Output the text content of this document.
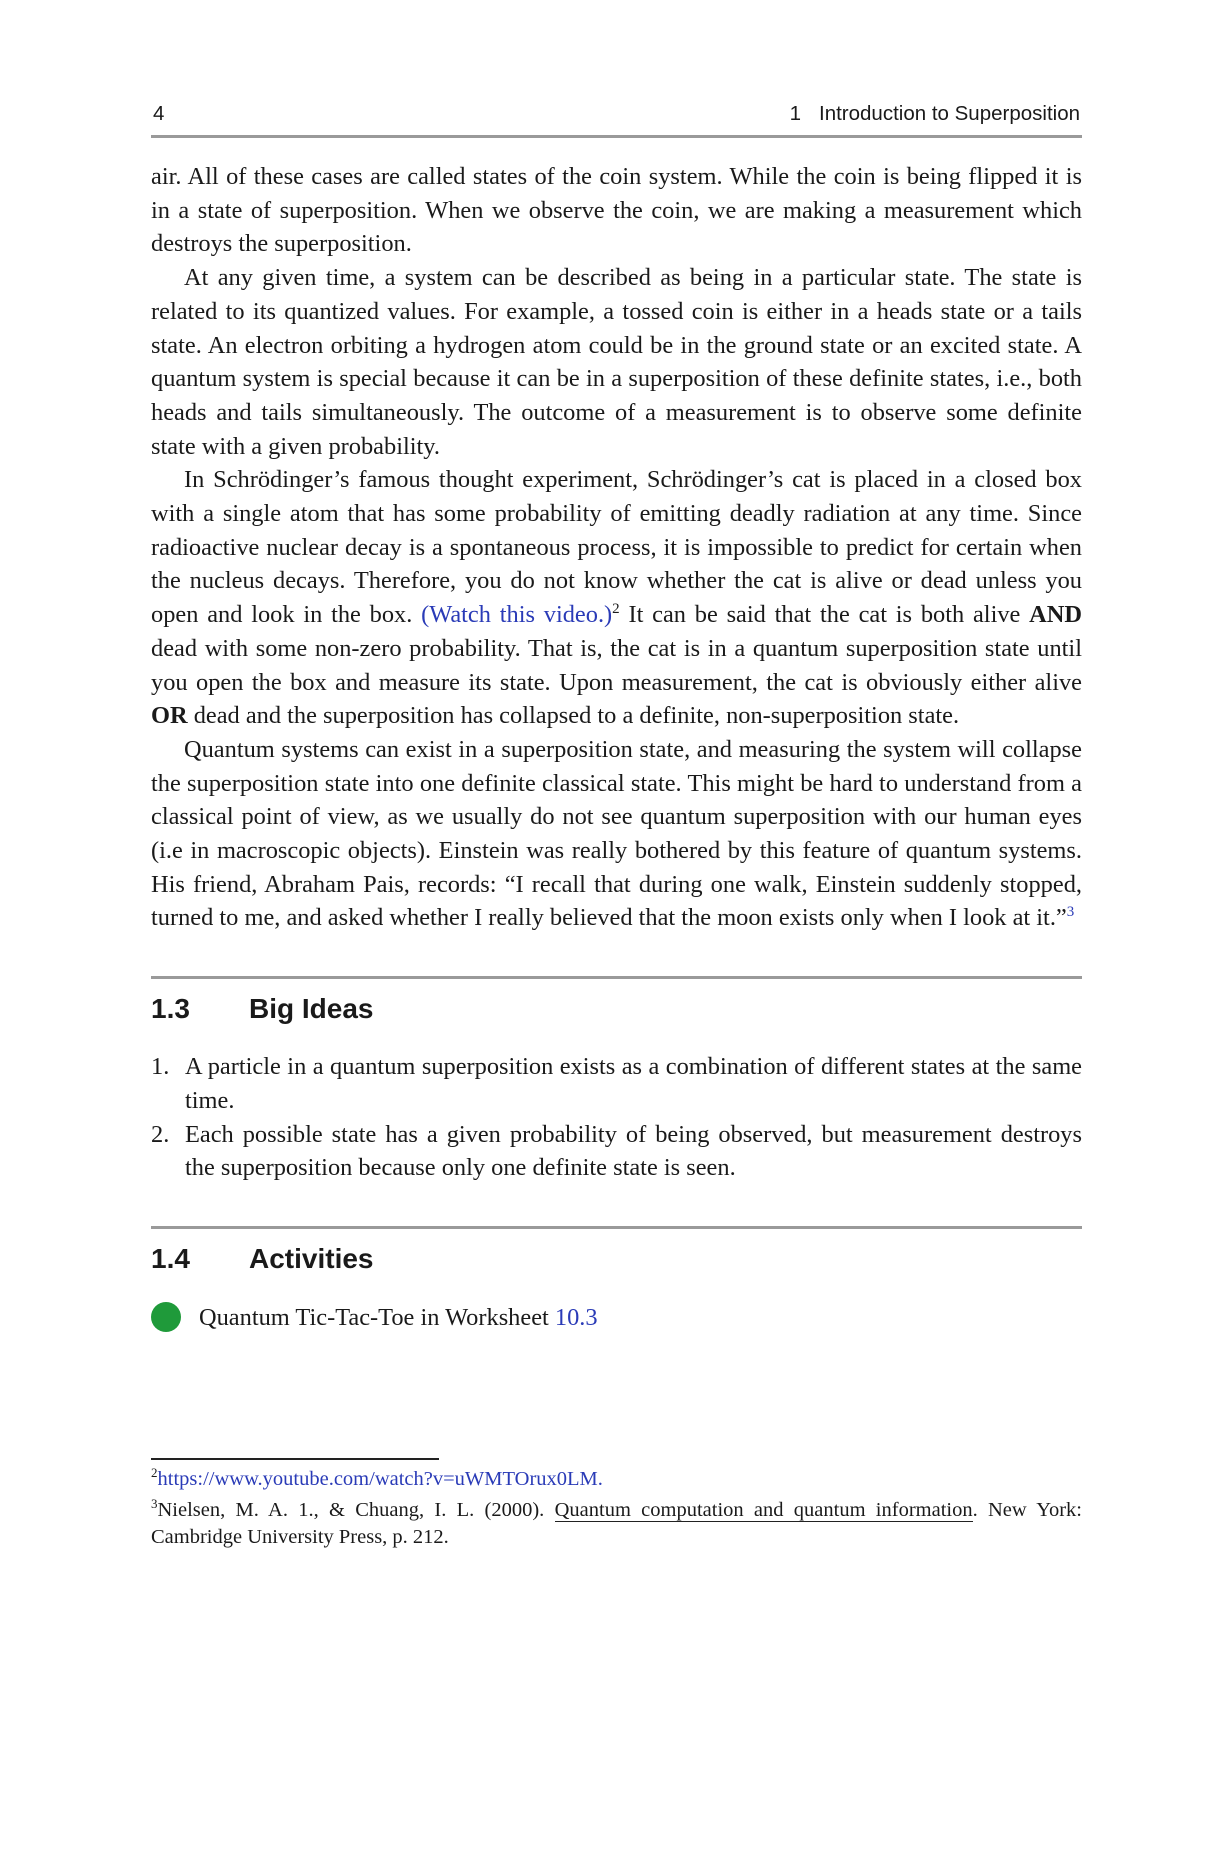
4	1 Introduction to Superposition

air. All of these cases are called states of the coin system. While the coin is being flipped it is in a state of superposition. When we observe the coin, we are making a measurement which destroys the superposition.

At any given time, a system can be described as being in a particular state. The state is related to its quantized values. For example, a tossed coin is either in a heads state or a tails state. An electron orbiting a hydrogen atom could be in the ground state or an excited state. A quantum system is special because it can be in a superposition of these definite states, i.e., both heads and tails simultaneously. The outcome of a measurement is to observe some definite state with a given probability.

In Schrödinger’s famous thought experiment, Schrödinger’s cat is placed in a closed box with a single atom that has some probability of emitting deadly radiation at any time. Since radioactive nuclear decay is a spontaneous process, it is impossible to predict for certain when the nucleus decays. Therefore, you do not know whether the cat is alive or dead unless you open and look in the box. (Watch this video.)$^2$ It can be said that the cat is both alive AND dead with some non-zero probability. That is, the cat is in a quantum superposition state until you open the box and measure its state. Upon measurement, the cat is obviously either alive OR dead and the superposition has collapsed to a definite, non-superposition state.

Quantum systems can exist in a superposition state, and measuring the system will collapse the superposition state into one definite classical state. This might be hard to understand from a classical point of view, as we usually do not see quantum superposition with our human eyes (i.e in macroscopic objects). Einstein was really bothered by this feature of quantum systems. His friend, Abraham Pais, records: “I recall that during one walk, Einstein suddenly stopped, turned to me, and asked whether I really believed that the moon exists only when I look at it.”$^3$

1.3	Big Ideas
1. A particle in a quantum superposition exists as a combination of different states at the same time.
2. Each possible state has a given probability of being observed, but measurement destroys the superposition because only one definite state is seen.
1.4	Activities
Quantum Tic-Tac-Toe in Worksheet 10.3

$^2$https://www.youtube.com/watch?v=uWMTOrux0LM.

$^3$Nielsen, M. A. 1., & Chuang, I. L. (2000). Quantum computation and quantum information. New York: Cambridge University Press, p. 212.
